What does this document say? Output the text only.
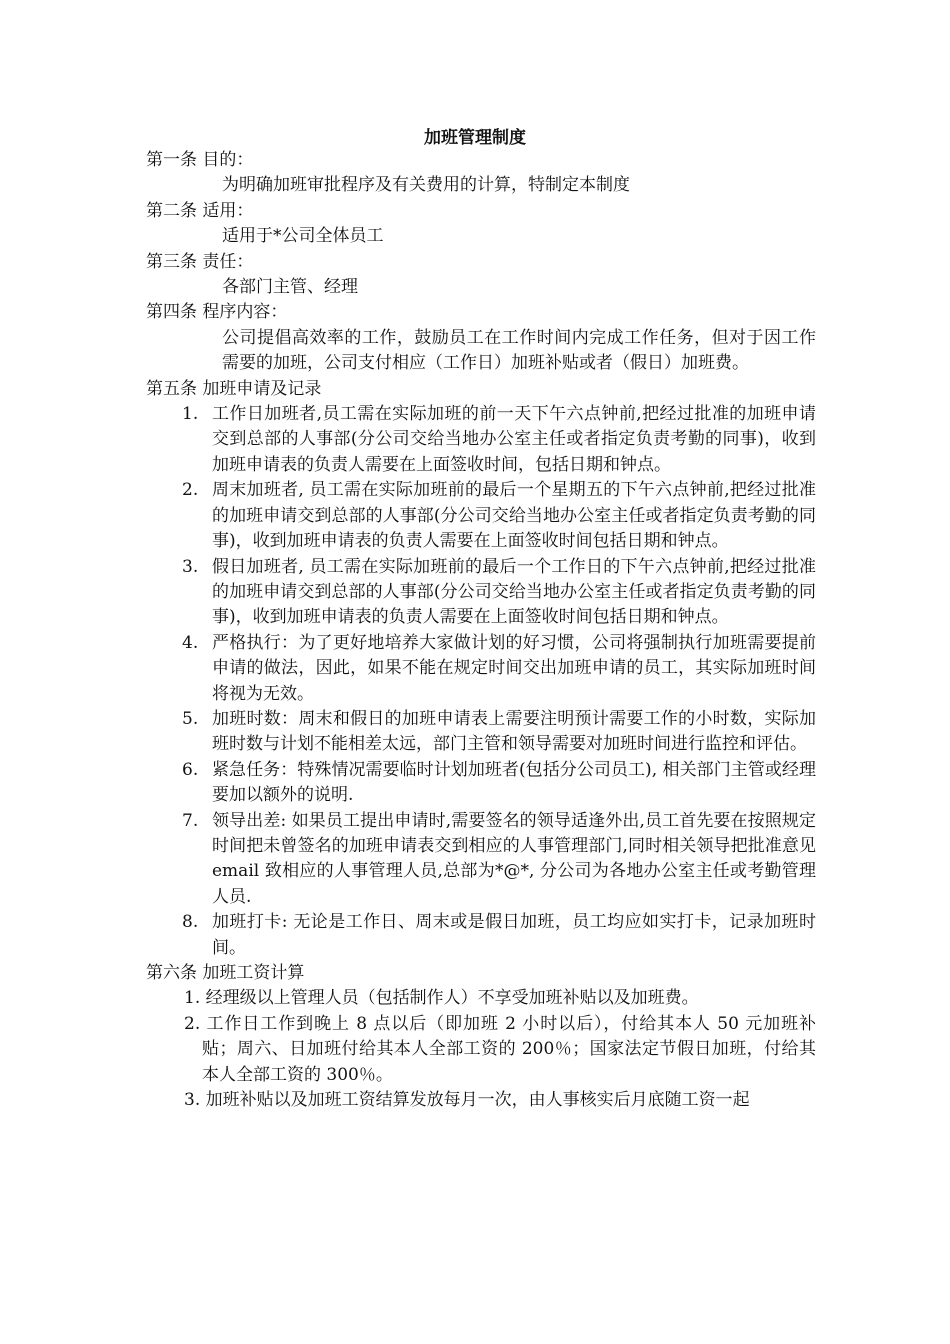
加班管理制度
第一条 目的：
为明确加班审批程序及有关费用的计算，特制定本制度
第二条 适用：
适用于*公司全体员工
第三条 责任：
各部门主管、经理
第四条 程序内容：
公司提倡高效率的工作，鼓励员工在工作时间内完成工作任务，但对于因工作需要的加班，公司支付相应（工作日）加班补贴或者（假日）加班费。
第五条 加班申请及记录
1. 工作日加班者,员工需在实际加班的前一天下午六点钟前,把经过批准的加班申请交到总部的人事部(分公司交给当地办公室主任或者指定负责考勤的同事)，收到加班申请表的负责人需要在上面签收时间，包括日期和钟点。
2. 周末加班者, 员工需在实际加班前的最后一个星期五的下午六点钟前,把经过批准的加班申请交到总部的人事部(分公司交给当地办公室主任或者指定负责考勤的同事)，收到加班申请表的负责人需要在上面签收时间包括日期和钟点。
3. 假日加班者, 员工需在实际加班前的最后一个工作日的下午六点钟前,把经过批准的加班申请交到总部的人事部(分公司交给当地办公室主任或者指定负责考勤的同事)，收到加班申请表的负责人需要在上面签收时间包括日期和钟点。
4. 严格执行：为了更好地培养大家做计划的好习惯，公司将强制执行加班需要提前申请的做法，因此，如果不能在规定时间交出加班申请的员工，其实际加班时间将视为无效。
5. 加班时数：周末和假日的加班申请表上需要注明预计需要工作的小时数，实际加班时数与计划不能相差太远，部门主管和领导需要对加班时间进行监控和评估。
6. 紧急任务：特殊情况需要临时计划加班者(包括分公司员工), 相关部门主管或经理要加以额外的说明.
7. 领导出差: 如果员工提出申请时,需要签名的领导适逢外出,员工首先要在按照规定时间把未曾签名的加班申请表交到相应的人事管理部门,同时相关领导把批准意见 email 致相应的人事管理人员,总部为*@*, 分公司为各地办公室主任或考勤管理人员.
8. 加班打卡: 无论是工作日、周末或是假日加班，员工均应如实打卡，记录加班时间。
第六条 加班工资计算
1. 经理级以上管理人员（包括制作人）不享受加班补贴以及加班费。
2. 工作日工作到晚上 8 点以后（即加班 2 小时以后），付给其本人 50 元加班补贴；周六、日加班付给其本人全部工资的 200％；国家法定节假日加班，付给其本人全部工资的 300％。
3. 加班补贴以及加班工资结算发放每月一次，由人事核实后月底随工资一起
